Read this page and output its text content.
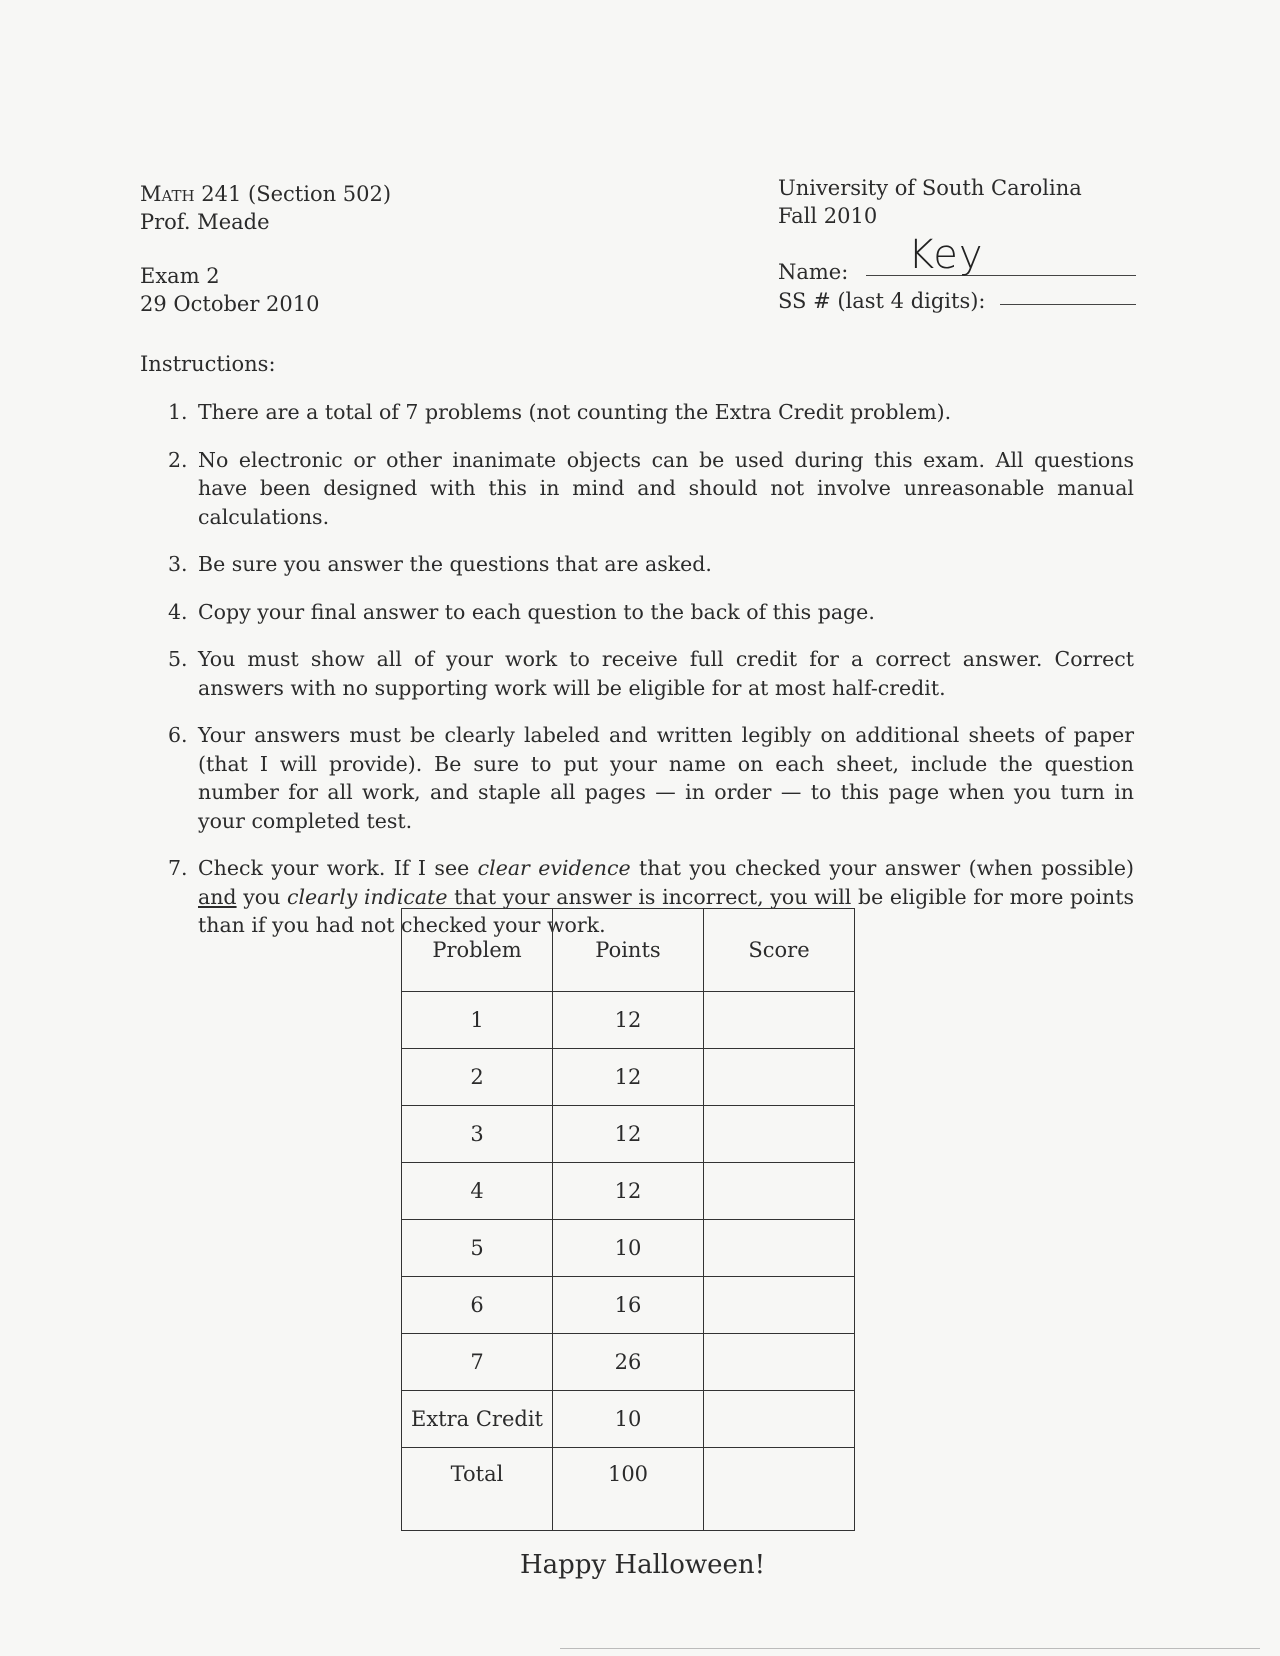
Math 241 (Section 502)
Prof. Meade
Exam 2
29 October 2010
University of South Carolina
Fall 2010
Name: Key
SS # (last 4 digits):
Instructions:
1. There are a total of 7 problems (not counting the Extra Credit problem).
2. No electronic or other inanimate objects can be used during this exam. All questions have been designed with this in mind and should not involve unreasonable manual calculations.
3. Be sure you answer the questions that are asked.
4. Copy your final answer to each question to the back of this page.
5. You must show all of your work to receive full credit for a correct answer. Correct answers with no supporting work will be eligible for at most half-credit.
6. Your answers must be clearly labeled and written legibly on additional sheets of paper (that I will provide). Be sure to put your name on each sheet, include the question number for all work, and staple all pages — in order — to this page when you turn in your completed test.
7. Check your work. If I see clear evidence that you checked your answer (when possible) and you clearly indicate that your answer is incorrect, you will be eligible for more points than if you had not checked your work.
Problem	Points	Score
1	12	
2	12	
3	12	
4	12	
5	10	
6	16	
7	26	
Extra Credit	10	
Total	100	
Happy Halloween!
